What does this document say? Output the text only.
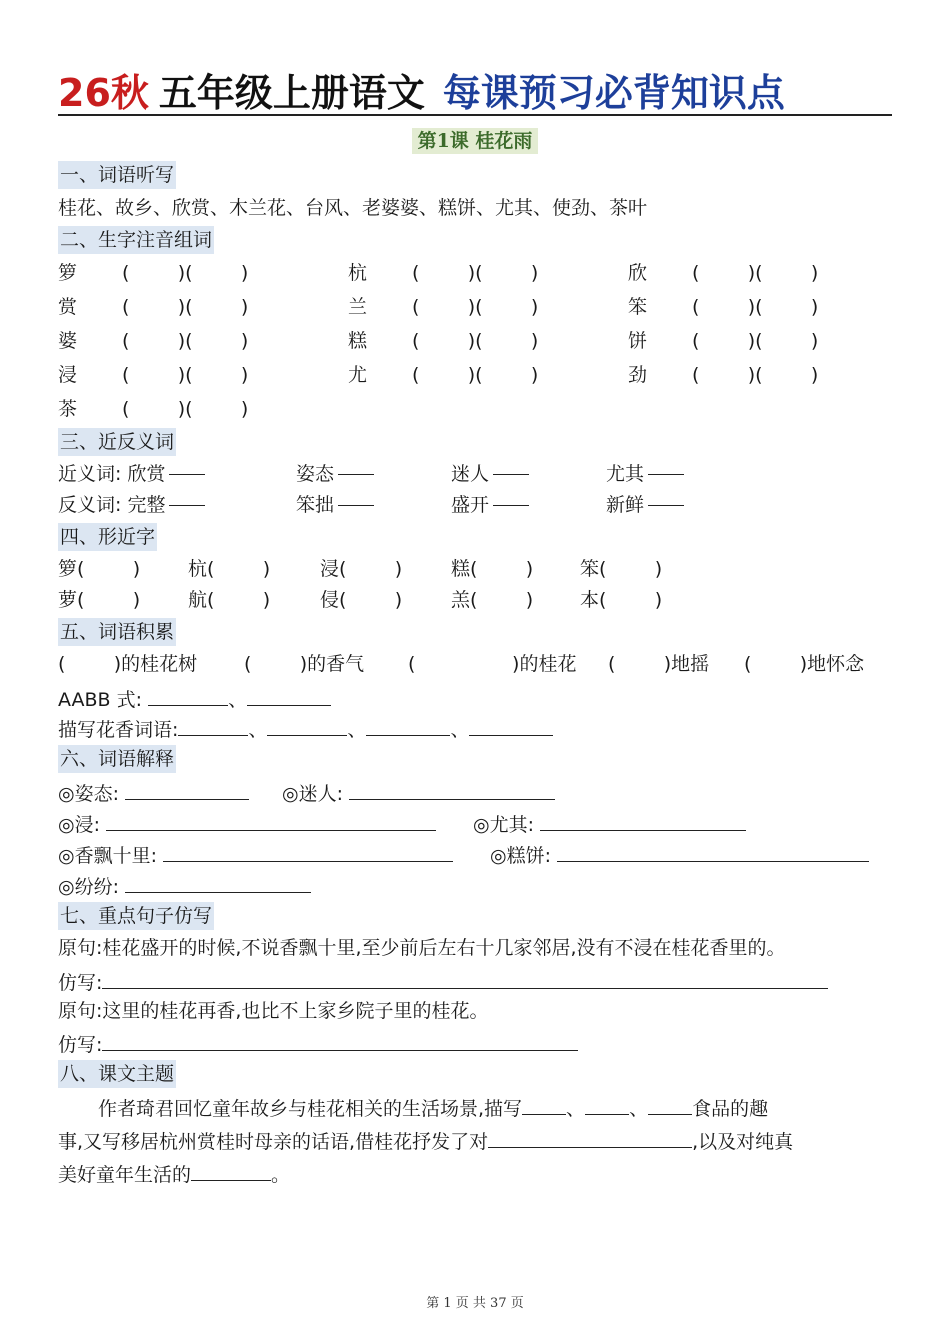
26秋 五年级上册语文 每课预习必背知识点
第1课 桂花雨
一、词语听写
桂花、故乡、欣赏、木兰花、台风、老婆婆、糕饼、尤其、使劲、茶叶
二、生字注音组词
箩 (        )(        )	杭 (        )(        )	欣 (        )(        )
赏 (        )(        )	兰 (        )(        )	笨 (        )(        )
婆 (        )(        )	糕 (        )(        )	饼 (        )(        )
浸 (        )(        )	尤 (        )(        )	劲 (        )(        )
茶 (        )(        )
三、近反义词
近义词: 欣赏	姿态	迷人	尤其
反义词: 完整	笨拙	盛开	新鲜
四、形近字
箩(        )	杭(        )	浸(        )	糕(        ) 笨(        )
萝(        )	航(        )	侵(        )	羔(        ) 本(        )
五、词语积累
(        )的桂花树 (        )的香气 (                )的桂花 (        )地摇 (        )地怀念
AABB 式:	、
描写花香词语:	、	、	、
六、词语解释
◎姿态:	◎迷人:
◎浸:	◎尤其:
◎香飘十里:	◎糕饼:
◎纷纷:
七、重点句子仿写
原句:桂花盛开的时候,不说香飘十里,至少前后左右十几家邻居,没有不浸在桂花香里的。
仿写:
原句:这里的桂花再香,也比不上家乡院子里的桂花。
仿写:
八、课文主题
作者琦君回忆童年故乡与桂花相关的生活场景,描写 、 、 食品的趣
事,又写移居杭州赏桂时母亲的话语,借桂花抒发了对	,以及对纯真
美好童年生活的	。
第 1 页 共 37 页
